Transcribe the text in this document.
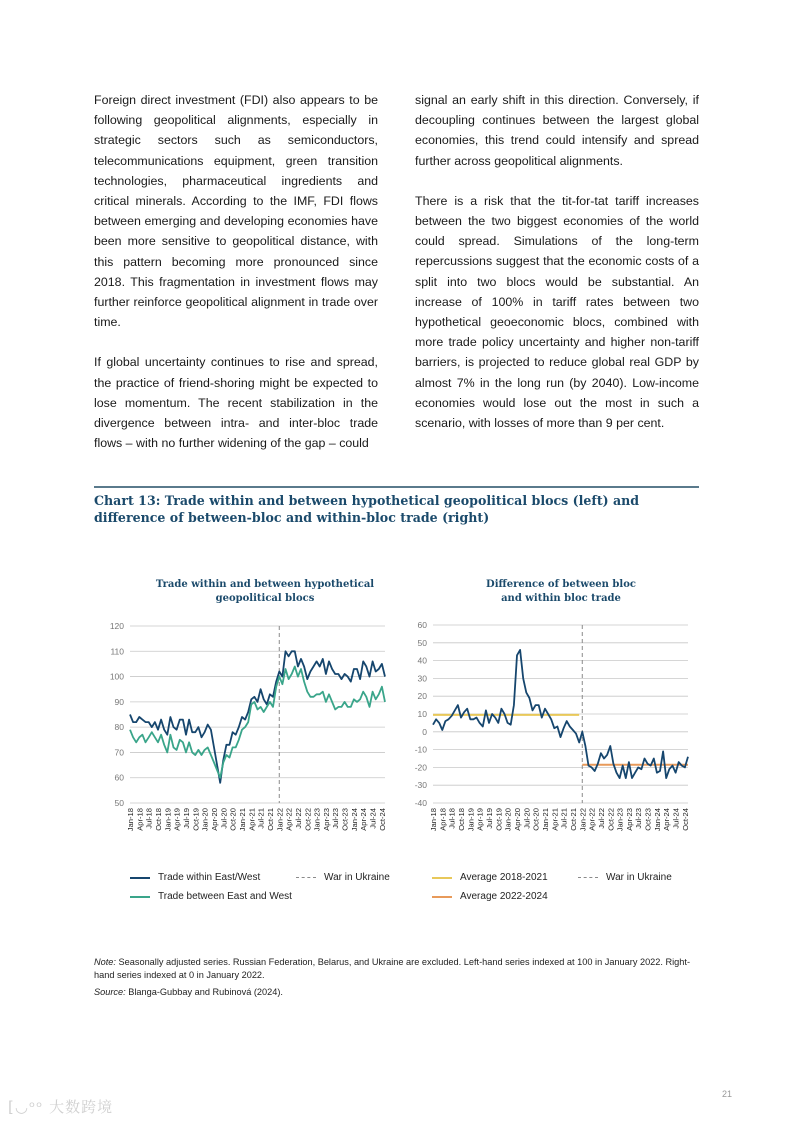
Foreign direct investment (FDI) also appears to be following geopolitical alignments, especially in strategic sectors such as semiconductors, telecommunications equipment, green transition technologies, pharmaceutical ingredients and critical minerals. According to the IMF, FDI flows between emerging and developing economies have been more sensitive to geopolitical distance, with this pattern becoming more pronounced since 2018. This fragmentation in investment flows may further reinforce geopolitical alignment in trade over time.

If global uncertainty continues to rise and spread, the practice of friend-shoring might be expected to lose momentum. The recent stabilization in the divergence between intra- and inter-bloc trade flows – with no further widening of the gap – could

signal an early shift in this direction. Conversely, if decoupling continues between the largest global economies, this trend could intensify and spread further across geopolitical alignments.

There is a risk that the tit-for-tat tariff increases between the two biggest economies of the world could spread. Simulations of the long-term repercussions suggest that the economic costs of a split into two blocs would be substantial. An increase of 100% in tariff rates between two hypothetical geoeconomic blocs, combined with more trade policy uncertainty and higher non-tariff barriers, is projected to reduce global real GDP by almost 7% in the long run (by 2040). Low-income economies would lose out the most in such a scenario, with losses of more than 9 per cent.

Chart 13: Trade within and between hypothetical geopolitical blocs (left) and difference of between-bloc and within-bloc trade (right)
Trade within and between hypothetical
geopolitical blocs
50
60
70
80
90
100
110
120
Jan-18 Apr-18 Jul-18 Oct-18 Jan-19 Apr-19 Jul-19 Oct-19 Jan-20 Apr-20 Jul-20 Oct-20 Jan-21 Apr-21 Jul-21 Oct-21 Jan-22 Apr-22 Jul-22 Oct-22 Jan-23 Apr-23 Jul-23 Oct-23 Jan-24 Apr-24 Jul-24 Oct-24
Difference of between bloc
and within bloc trade
-40
-30
-20
-10
0
10
20
30
40
50
60
Jan-18 Apr-18 Jul-18 Oct-18 Jan-19 Apr-19 Jul-19 Oct-19 Jan-20 Apr-20 Jul-20 Oct-20 Jan-21 Apr-21 Jul-21 Oct-21 Jan-22 Apr-22 Jul-22 Oct-22 Jan-23 Apr-23 Jul-23 Oct-23 Jan-24 Apr-24 Jul-24 Oct-24
Trade within East/West	War in Ukraine
Trade between East and West
Average 2018-2021	War in Ukraine
Average 2022-2024

Note: Seasonally adjusted series. Russian Federation, Belarus, and Ukraine are excluded. Left-hand series indexed at 100 in January 2022. Right-hand series indexed at 0 in January 2022.

Source: Blanga-Gubbay and Rubinová (2024).

21
[◡ᵒᵒ 大数跨境
